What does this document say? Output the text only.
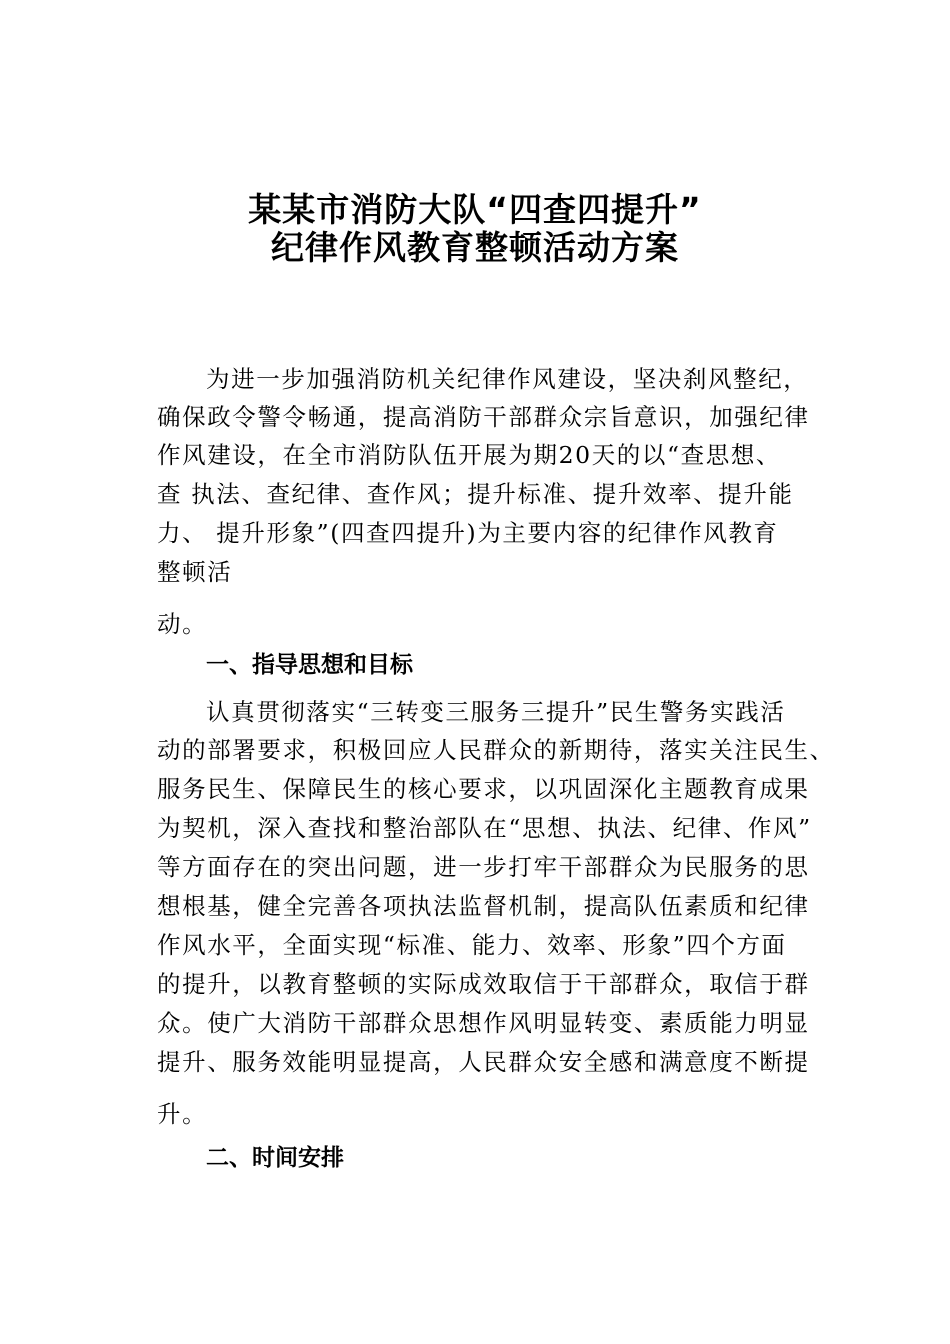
某某市消防大队“四查四提升”
纪律作风教育整顿活动方案
为进一步加强消防机关纪律作风建设，坚决刹风整纪，
确保政令警令畅通，提高消防干部群众宗旨意识，加强纪律
作风建设，在全市消防队伍开展为期20天的以“查思想、
查 执法、查纪律、查作风；提升标准、提升效率、提升能
力、 提升形象”(四查四提升)为主要内容的纪律作风教育
整顿活
动。
一、指导思想和目标
认真贯彻落实“三转变三服务三提升”民生警务实践活
动的部署要求，积极回应人民群众的新期待，落实关注民生、
服务民生、保障民生的核心要求，以巩固深化主题教育成果
为契机，深入查找和整治部队在“思想、执法、纪律、作风”
等方面存在的突出问题，进一步打牢干部群众为民服务的思
想根基，健全完善各项执法监督机制，提高队伍素质和纪律
作风水平，全面实现“标准、能力、效率、形象”四个方面
的提升，以教育整顿的实际成效取信于干部群众，取信于群
众。使广大消防干部群众思想作风明显转变、素质能力明显
提升、服务效能明显提高，人民群众安全感和满意度不断提
升。
二、时间安排
